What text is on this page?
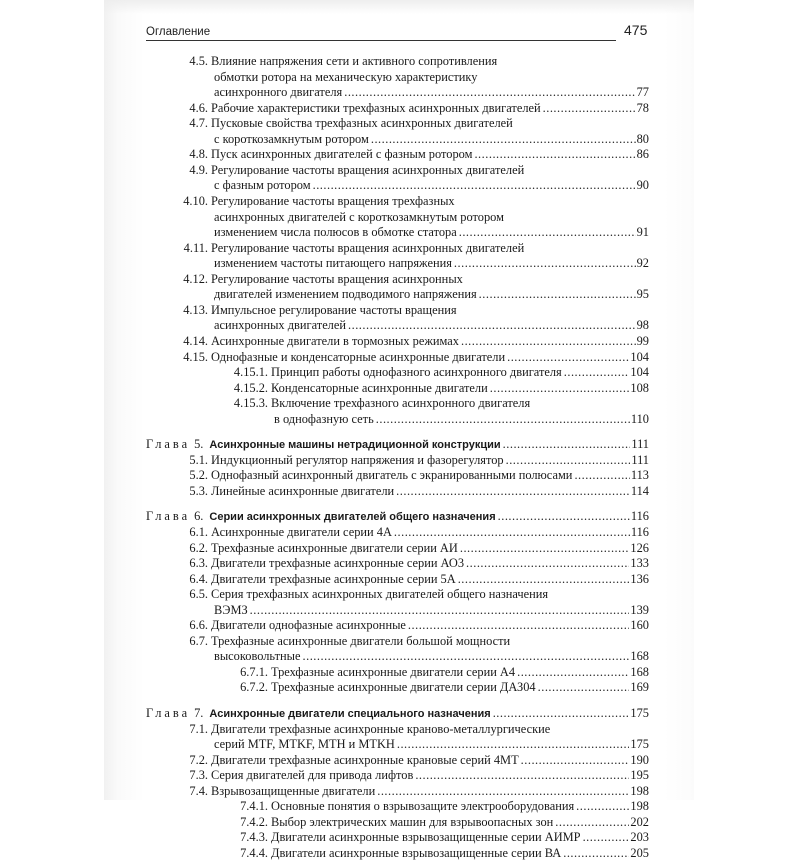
Оглавление	475
4.5. Влияние напряжения сети и активного сопротивления
обмотки ротора на механическую характеристику
асинхронного двигателя .....	77
4.6. Рабочие характеристики трехфазных асинхронных двигателей .....	78
4.7. Пусковые свойства трехфазных асинхронных двигателей
с короткозамкнутым ротором .....	80
4.8. Пуск асинхронных двигателей с фазным ротором .....	86
4.9. Регулирование частоты вращения асинхронных двигателей
с фазным ротором .....	90
4.10. Регулирование частоты вращения трехфазных
асинхронных двигателей с короткозамкнутым ротором
изменением числа полюсов в обмотке статора .....	91
4.11. Регулирование частоты вращения асинхронных двигателей
изменением частоты питающего напряжения .....	92
4.12. Регулирование частоты вращения асинхронных
двигателей изменением подводимого напряжения .....	95
4.13. Импульсное регулирование частоты вращения
асинхронных двигателей .....	98
4.14. Асинхронные двигатели в тормозных режимах .....	99
4.15. Однофазные и конденсаторные асинхронные двигатели .....	104
4.15.1. Принцип работы однофазного асинхронного двигателя .....	104
4.15.2. Конденсаторные асинхронные двигатели .....	108
4.15.3. Включение трехфазного асинхронного двигателя
в однофазную сеть .....	110
Глава 5. Асинхронные машины нетрадиционной конструкции .....	111
5.1. Индукционный регулятор напряжения и фазорегулятор .....	111
5.2. Однофазный асинхронный двигатель с экранированными полюсами .....	113
5.3. Линейные асинхронные двигатели .....	114
Глава 6. Серии асинхронных двигателей общего назначения .....	116
6.1. Асинхронные двигатели серии 4А .....	116
6.2. Трехфазные асинхронные двигатели серии АИ .....	126
6.3. Двигатели трехфазные асинхронные серии АО3 .....	133
6.4. Двигатели трехфазные асинхронные серии 5А .....	136
6.5. Серия трехфазных асинхронных двигателей общего назначения
ВЭМЗ .....	139
6.6. Двигатели однофазные асинхронные .....	160
6.7. Трехфазные асинхронные двигатели большой мощности
высоковольтные .....	168
6.7.1. Трехфазные асинхронные двигатели серии А4 .....	168
6.7.2. Трехфазные асинхронные двигатели серии ДАЗ04 .....	169
Глава 7. Асинхронные двигатели специального назначения .....	175
7.1. Двигатели трехфазные асинхронные крановo-металлургические
серий MTF, MTKF, MTH и MTKH .....	175
7.2. Двигатели трехфазные асинхронные крановые серий 4МТ .....	190
7.3. Серия двигателей для привода лифтов .....	195
7.4. Взрывозащищенные двигатели .....	198
7.4.1. Основные понятия о взрывозащите электрооборудования .....	198
7.4.2. Выбор электрических машин для взрывоопасных зон .....	202
7.4.3. Двигатели асинхронные взрывозащищенные серии АИМР .....	203
7.4.4. Двигатели асинхронные взрывозащищенные серии ВА .....	205
